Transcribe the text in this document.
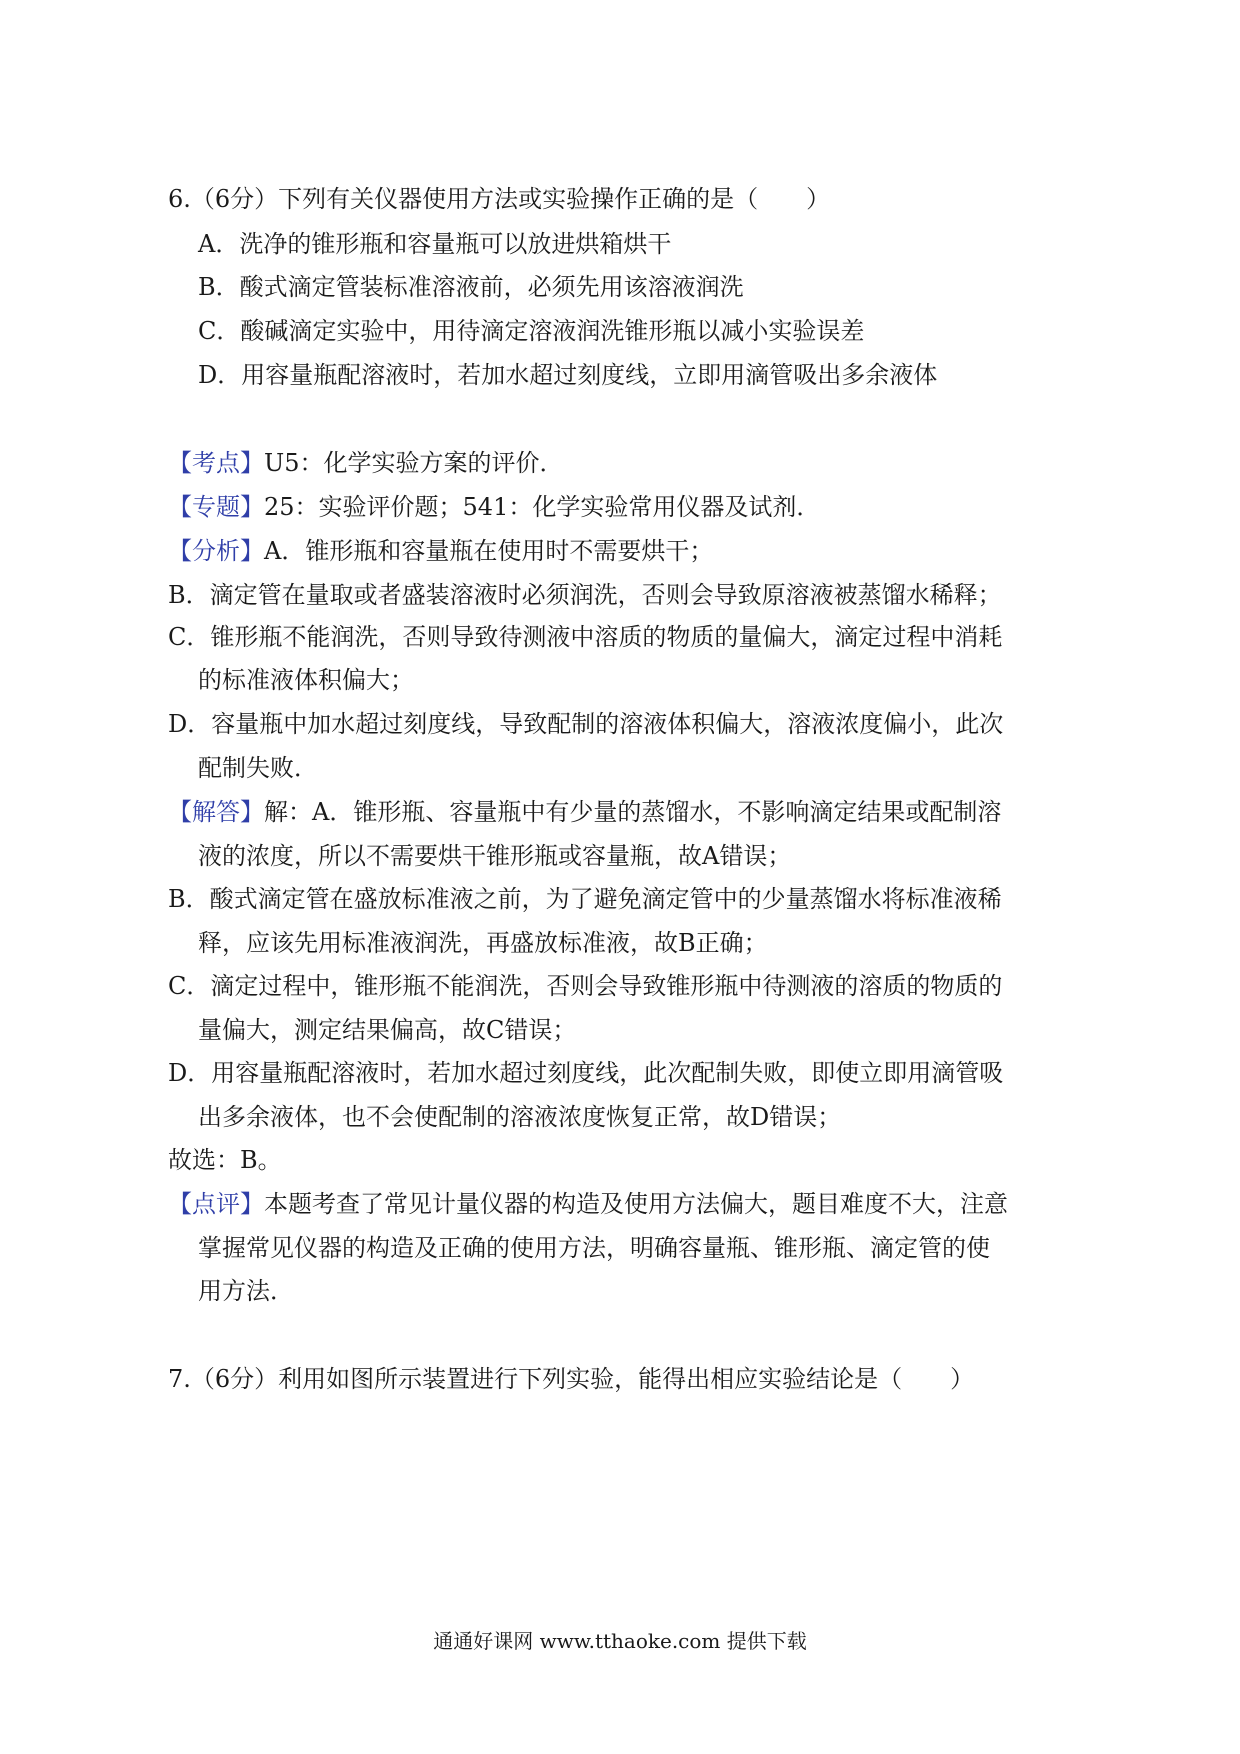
6.（6分）下列有关仪器使用方法或实验操作正确的是（　　）
A．洗净的锥形瓶和容量瓶可以放进烘箱烘干
B．酸式滴定管装标准溶液前，必须先用该溶液润洗
C．酸碱滴定实验中，用待滴定溶液润洗锥形瓶以减小实验误差
D．用容量瓶配溶液时，若加水超过刻度线，立即用滴管吸出多余液体
【考点】U5：化学实验方案的评价．
【专题】25：实验评价题；541：化学实验常用仪器及试剂．
【分析】A．锥形瓶和容量瓶在使用时不需要烘干；
B．滴定管在量取或者盛装溶液时必须润洗，否则会导致原溶液被蒸馏水稀释；
C．锥形瓶不能润洗，否则导致待测液中溶质的物质的量偏大，滴定过程中消耗
的标准液体积偏大；
D．容量瓶中加水超过刻度线，导致配制的溶液体积偏大，溶液浓度偏小，此次
配制失败．
【解答】解：A．锥形瓶、容量瓶中有少量的蒸馏水，不影响滴定结果或配制溶
液的浓度，所以不需要烘干锥形瓶或容量瓶，故A错误；
B．酸式滴定管在盛放标准液之前，为了避免滴定管中的少量蒸馏水将标准液稀
释，应该先用标准液润洗，再盛放标准液，故B正确；
C．滴定过程中，锥形瓶不能润洗，否则会导致锥形瓶中待测液的溶质的物质的
量偏大，测定结果偏高，故C错误；
D．用容量瓶配溶液时，若加水超过刻度线，此次配制失败，即使立即用滴管吸
出多余液体，也不会使配制的溶液浓度恢复正常，故D错误；
故选：B。
【点评】本题考查了常见计量仪器的构造及使用方法偏大，题目难度不大，注意
掌握常见仪器的构造及正确的使用方法，明确容量瓶、锥形瓶、滴定管的使
用方法．
7.（6分）利用如图所示装置进行下列实验，能得出相应实验结论是（　　）
通通好课网 www.tthaoke.com 提供下载
